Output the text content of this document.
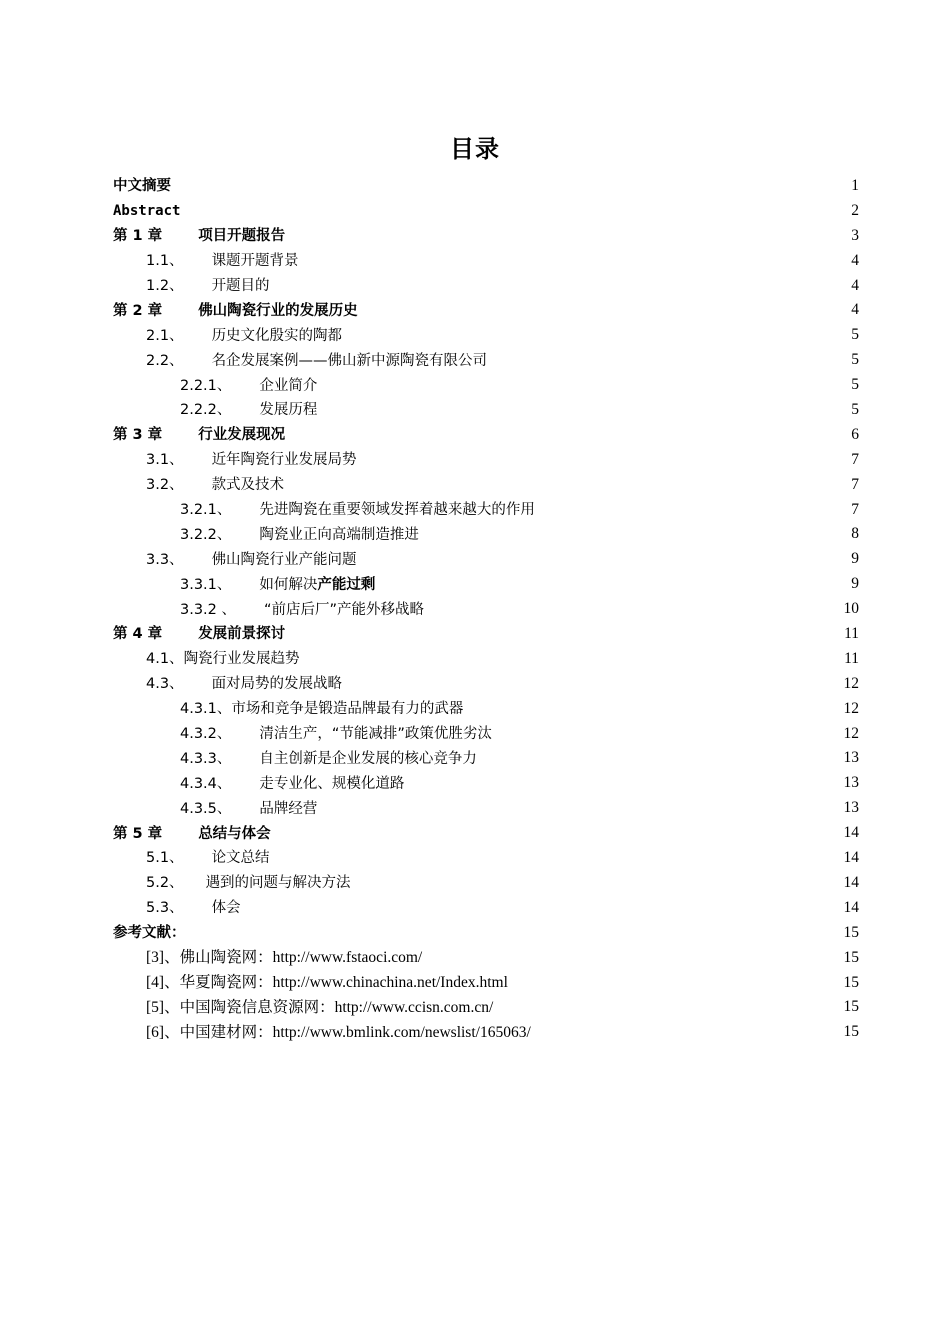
目录
中文摘要	1
Abstract	2
第 1 章 项目开题报告	3
1.1、 课题开题背景	4
1.2、 开题目的	4
第 2 章 佛山陶瓷行业的发展历史	4
2.1、 历史文化殷实的陶都	5
2.2、 名企发展案例——佛山新中源陶瓷有限公司	5
2.2.1、 企业简介	5
2.2.2、 发展历程	5
第 3 章 行业发展现况	6
3.1、 近年陶瓷行业发展局势	7
3.2、 款式及技术	7
3.2.1、 先进陶瓷在重要领域发挥着越来越大的作用	7
3.2.2、 陶瓷业正向高端制造推进	8
3.3、 佛山陶瓷行业产能问题	9
3.3.1、 如何解决产能过剩	9
3.3.2 、 “前店后厂”产能外移战略	10
第 4 章 发展前景探讨	11
4.1、陶瓷行业发展趋势	11
4.3、 面对局势的发展战略	12
4.3.1、市场和竞争是锻造品牌最有力的武器	12
4.3.2、 清洁生产，“节能减排”政策优胜劣汰	12
4.3.3、 自主创新是企业发展的核心竞争力	13
4.3.4、 走专业化、规模化道路	13
4.3.5、 品牌经营	13
第 5 章 总结与体会	14
5.1、 论文总结	14
5.2、 遇到的问题与解决方法	14
5.3、 体会	14
参考文献：	15
[3]、佛山陶瓷网：http://www.fstaoci.com/	15
[4]、华夏陶瓷网：http://www.chinachina.net/Index.html	15
[5]、中国陶瓷信息资源网：http://www.ccisn.com.cn/	15
[6]、中国建材网：http://www.bmlink.com/newslist/165063/	15
